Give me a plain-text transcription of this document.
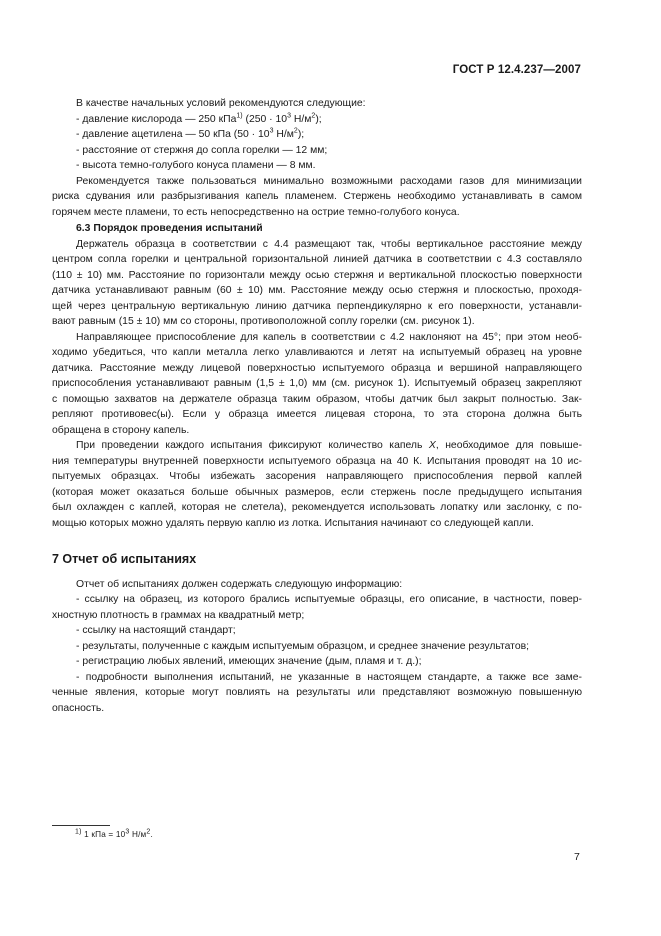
ГОСТ Р 12.4.237—2007
В качестве начальных условий рекомендуются следующие:
- давление кислорода — 250 кПа$^{1)}$ ($250 \cdot 10^3$ $Н/м^2$);
- давление ацетилена — 50 кПа ($50 \cdot 10^3$ $Н/м^2$);
- расстояние от стержня до сопла горелки — 12 мм;
- высота темно-голубого конуса пламени — 8 мм.
Рекомендуется также пользоваться минимально возможными расходами газов для минимизации
риска сдувания или разбрызгивания капель пламенем. Стержень необходимо устанавливать в самом
горячем месте пламени, то есть непосредственно на острие темно-голубого конуса.
6.3 Порядок проведения испытаний
Держатель образца в соответствии с 4.4 размещают так, чтобы вертикальное расстояние между
центром сопла горелки и центральной горизонтальной линией датчика в соответствии с 4.3 составляло
(110 ± 10) мм. Расстояние по горизонтали между осью стержня и вертикальной плоскостью поверхности
датчика устанавливают равным (60 ± 10) мм. Расстояние между осью стержня и плоскостью, проходя-
щей через центральную вертикальную линию датчика перпендикулярно к его поверхности, устанавли-
вают равным (15 ± 10) мм со стороны, противоположной соплу горелки (см. рисунок 1).
Направляющее приспособление для капель в соответствии с 4.2 наклоняют на 45°; при этом необ-
ходимо убедиться, что капли металла легко улавливаются и летят на испытуемый образец на уровне
датчика. Расстояние между лицевой поверхностью испытуемого образца и вершиной направляющего
приспособления устанавливают равным (1,5 ± 1,0) мм (см. рисунок 1). Испытуемый образец закрепляют
с помощью захватов на держателе образца таким образом, чтобы датчик был закрыт полностью. Зак-
репляют противовес(ы). Если у образца имеется лицевая сторона, то эта сторона должна быть
обращена в сторону капель.
При проведении каждого испытания фиксируют количество капель Х, необходимое для повыше-
ния температуры внутренней поверхности испытуемого образца на 40 К. Испытания проводят на 10 ис-
пытуемых образцах. Чтобы избежать засорения направляющего приспособления первой каплей
(которая может оказаться больше обычных размеров, если стержень после предыдущего испытания
был охлажден с каплей, которая не слетела), рекомендуется использовать лопатку или заслонку, с по-
мощью которых можно удалять первую каплю из лотка. Испытания начинают со следующей капли.
7 Отчет об испытаниях
Отчет об испытаниях должен содержать следующую информацию:
- ссылку на образец, из которого брались испытуемые образцы, его описание, в частности, повер-
хностную плотность в граммах на квадратный метр;
- ссылку на настоящий стандарт;
- результаты, полученные с каждым испытуемым образцом, и среднее значение результатов;
- регистрацию любых явлений, имеющих значение (дым, пламя и т. д.);
- подробности выполнения испытаний, не указанные в настоящем стандарте, а также все заме-
ченные явления, которые могут повлиять на результаты или представляют возможную повышенную
опасность.
$^{1)}$ 1 кПа = $10^3$ $Н/м^2$.
7
